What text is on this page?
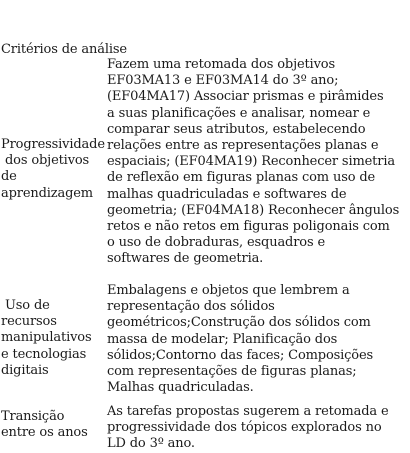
Critérios de análise
Progressividade
dos objetivos
de
aprendizagem
Fazem uma retomada dos objetivos
EF03MA13 e EF03MA14 do 3º ano;
(EF04MA17) Associar prismas e pirâmides
a suas planificações e analisar, nomear e
comparar seus atributos, estabelecendo
relações entre as representações planas e
espaciais; (EF04MA19) Reconhecer simetria
de reflexão em figuras planas com uso de
malhas quadriculadas e softwares de
geometria; (EF04MA18) Reconhecer ângulos
retos e não retos em figuras poligonais com
o uso de dobraduras, esquadros e
softwares de geometria.
Uso de
recursos
manipulativos
e tecnologias
digitais
Embalagens e objetos que lembrem a
representação dos sólidos
geométricos;Construção dos sólidos com
massa de modelar; Planificação dos
sólidos;Contorno das faces; Composições
com representações de figuras planas;
Malhas quadriculadas.
Transição
entre os anos
As tarefas propostas sugerem a retomada e
progressividade dos tópicos explorados no
LD do 3º ano.
